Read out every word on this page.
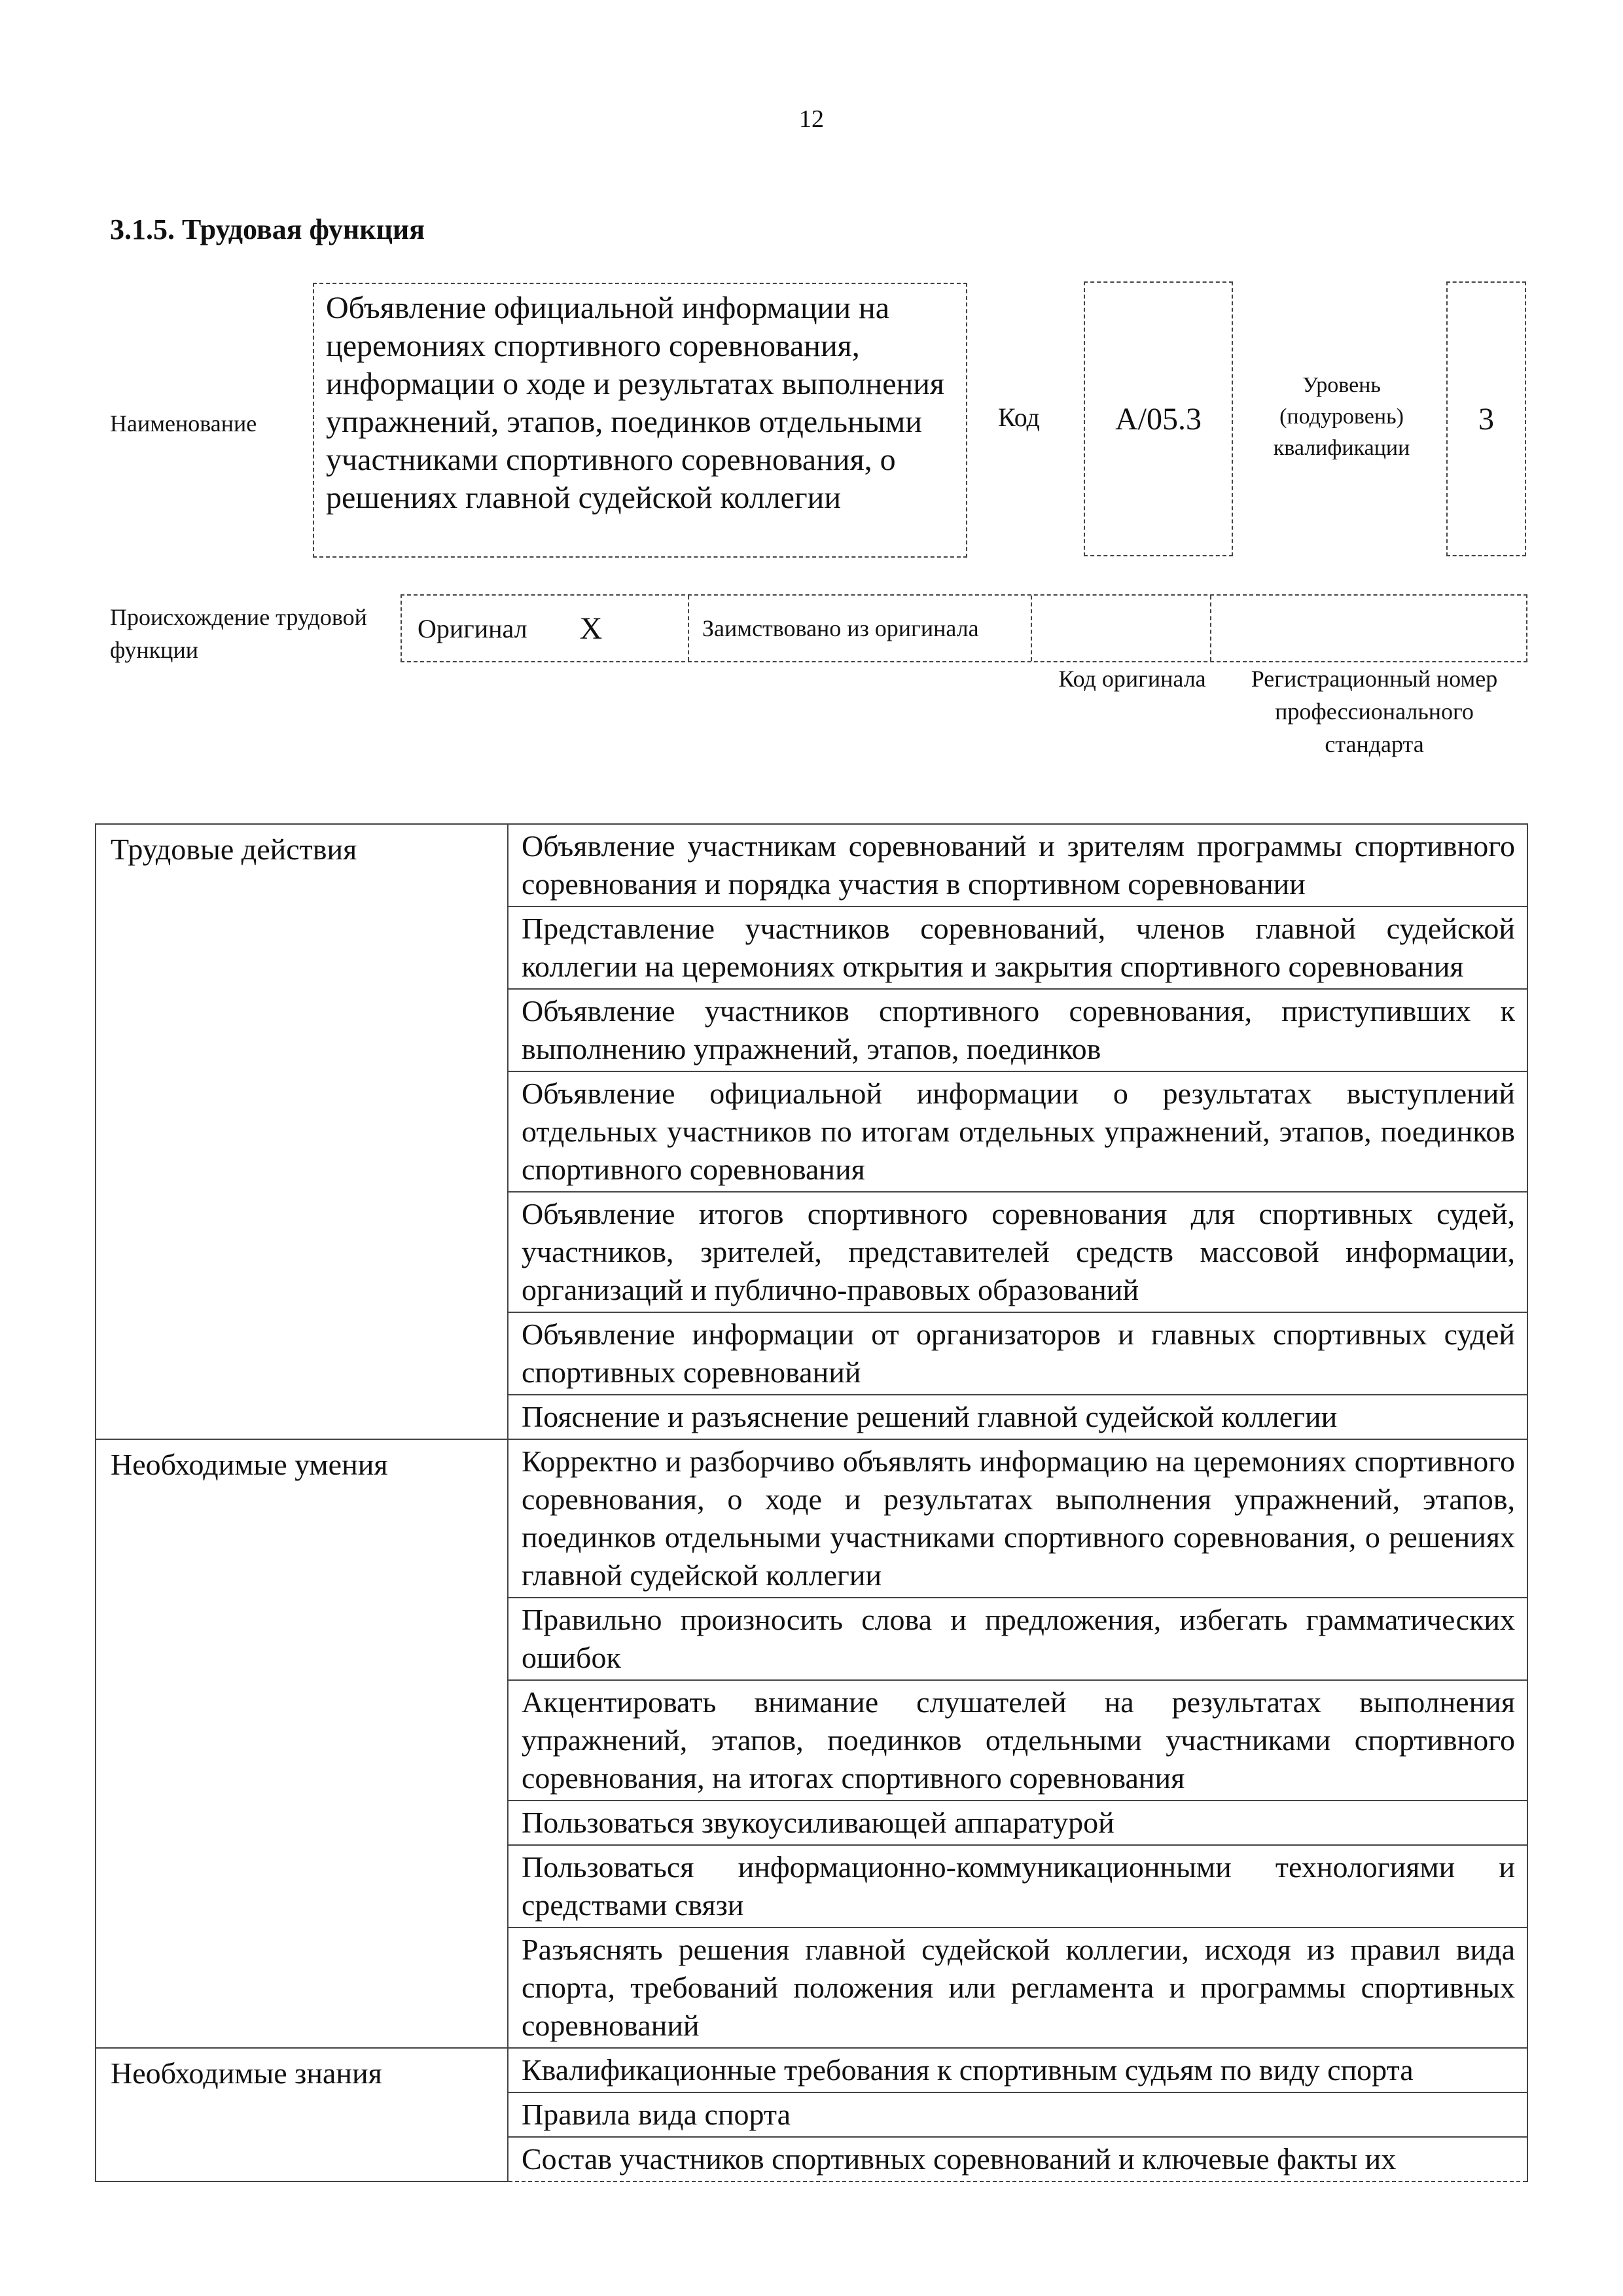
12
3.1.5. Трудовая функция
Наименование
Объявление официальной информации на церемониях спортивного соревнования, информации о ходе и результатах выполнения упражнений, этапов, поединков отдельными участниками спортивного соревнования, о решениях главной судейской коллегии
Код	А/05.3
Уровень (подуровень) квалификации
3
Происхождение трудовой функции
Оригинал X	Заимствовано из оригинала
Код оригинала	Регистрационный номер профессионального стандарта
Трудовые действия	Объявление участникам соревнований и зрителям программы спортивного соревнования и порядка участия в спортивном соревновании
	Представление участников соревнований, членов главной судейской коллегии на церемониях открытия и закрытия спортивного соревнования
	Объявление участников спортивного соревнования, приступивших к выполнению упражнений, этапов, поединков
	Объявление официальной информации о результатах выступлений отдельных участников по итогам отдельных упражнений, этапов, поединков спортивного соревнования
	Объявление итогов спортивного соревнования для спортивных судей, участников, зрителей, представителей средств массовой информации, организаций и публично-правовых образований
	Объявление информации от организаторов и главных спортивных судей спортивных соревнований
	Пояснение и разъяснение решений главной судейской коллегии
Необходимые умения	Корректно и разборчиво объявлять информацию на церемониях спортивного соревнования, о ходе и результатах выполнения упражнений, этапов, поединков отдельными участниками спортивного соревнования, о решениях главной судейской коллегии
	Правильно произносить слова и предложения, избегать грамматических ошибок
	Акцентировать внимание слушателей на результатах выполнения упражнений, этапов, поединков отдельными участниками спортивного соревнования, на итогах спортивного соревнования
	Пользоваться звукоусиливающей аппаратурой
	Пользоваться информационно-коммуникационными технологиями и средствами связи
	Разъяснять решения главной судейской коллегии, исходя из правил вида спорта, требований положения или регламента и программы спортивных соревнований
Необходимые знания	Квалификационные требования к спортивным судьям по виду спорта
	Правила вида спорта
	Состав участников спортивных соревнований и ключевые факты их
